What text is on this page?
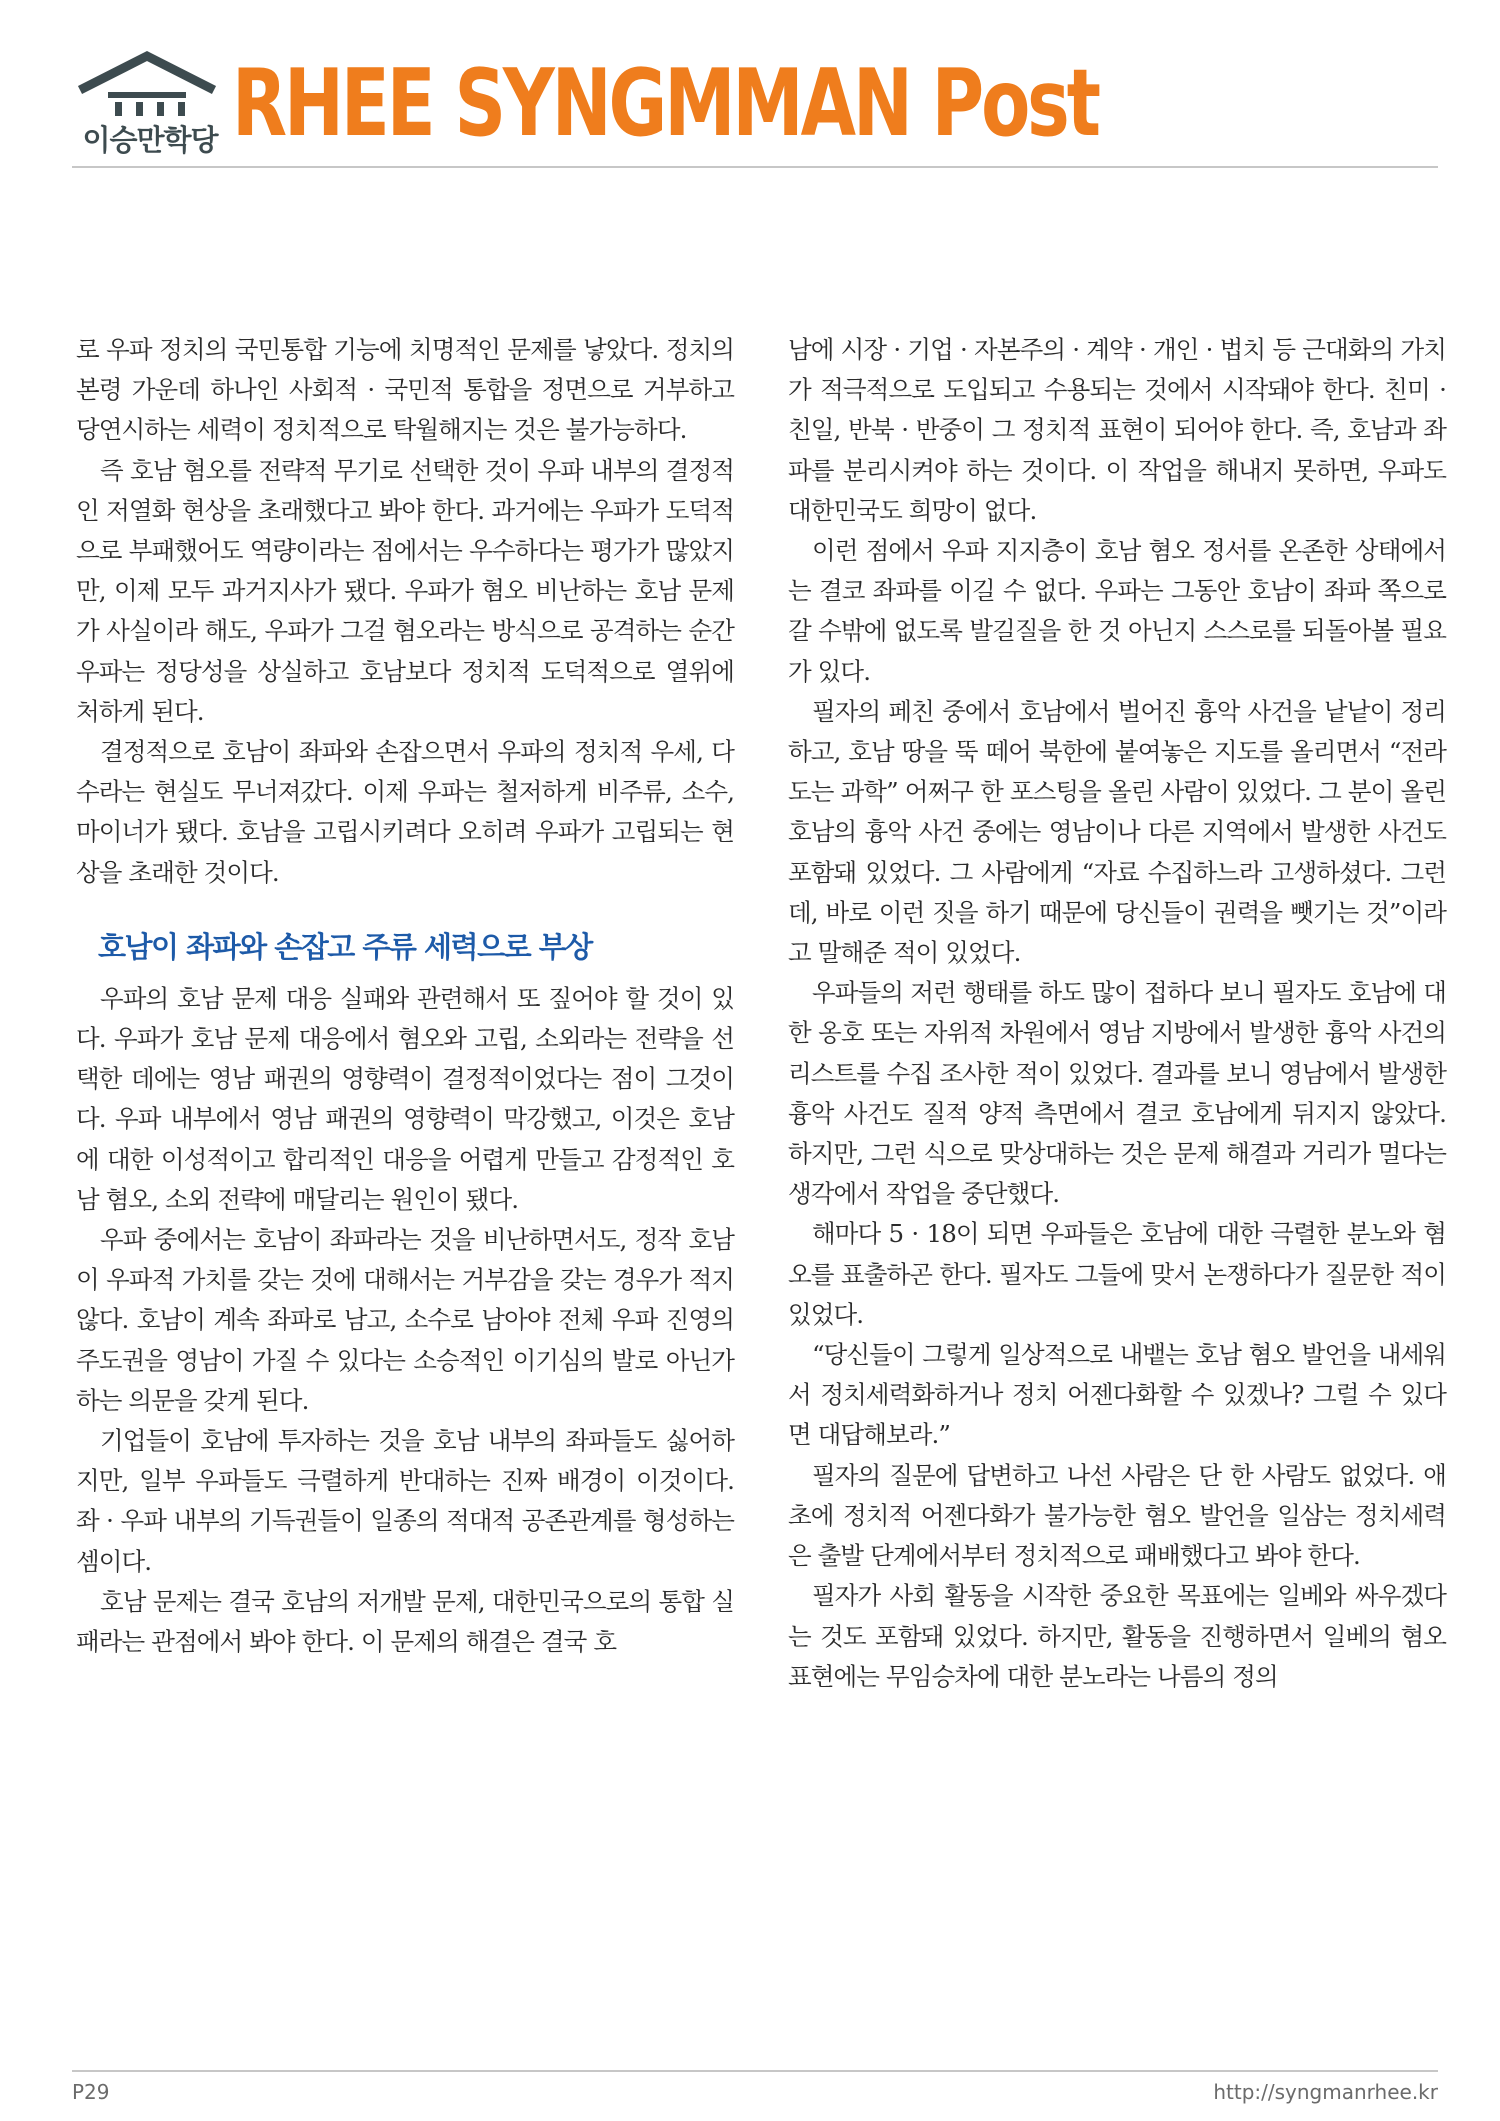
이승만학당 RHEE SYNGMMAN Post

로 우파 정치의 국민통합 기능에 치명적인 문제를 낳았다. 정치의 본령 가운데 하나인 사회적 · 국민적 통합을 정면으로 거부하고 당연시하는 세력이 정치적으로 탁월해지는 것은 불가능하다.

즉 호남 혐오를 전략적 무기로 선택한 것이 우파 내부의 결정적인 저열화 현상을 초래했다고 봐야 한다. 과거에는 우파가 도덕적으로 부패했어도 역량이라는 점에서는 우수하다는 평가가 많았지만, 이제 모두 과거지사가 됐다. 우파가 혐오 비난하는 호남 문제가 사실이라 해도, 우파가 그걸 혐오라는 방식으로 공격하는 순간 우파는 정당성을 상실하고 호남보다 정치적 도덕적으로 열위에 처하게 된다.

결정적으로 호남이 좌파와 손잡으면서 우파의 정치적 우세, 다수라는 현실도 무너져갔다. 이제 우파는 철저하게 비주류, 소수, 마이너가 됐다. 호남을 고립시키려다 오히려 우파가 고립되는 현상을 초래한 것이다.

호남이 좌파와 손잡고 주류 세력으로 부상

우파의 호남 문제 대응 실패와 관련해서 또 짚어야 할 것이 있다. 우파가 호남 문제 대응에서 혐오와 고립, 소외라는 전략을 선택한 데에는 영남 패권의 영향력이 결정적이었다는 점이 그것이다. 우파 내부에서 영남 패권의 영향력이 막강했고, 이것은 호남에 대한 이성적이고 합리적인 대응을 어렵게 만들고 감정적인 호남 혐오, 소외 전략에 매달리는 원인이 됐다.

우파 중에서는 호남이 좌파라는 것을 비난하면서도, 정작 호남이 우파적 가치를 갖는 것에 대해서는 거부감을 갖는 경우가 적지 않다. 호남이 계속 좌파로 남고, 소수로 남아야 전체 우파 진영의 주도권을 영남이 가질 수 있다는 소승적인 이기심의 발로 아닌가 하는 의문을 갖게 된다.

기업들이 호남에 투자하는 것을 호남 내부의 좌파들도 싫어하지만, 일부 우파들도 극렬하게 반대하는 진짜 배경이 이것이다. 좌 · 우파 내부의 기득권들이 일종의 적대적 공존관계를 형성하는 셈이다.

호남 문제는 결국 호남의 저개발 문제, 대한민국으로의 통합 실패라는 관점에서 봐야 한다. 이 문제의 해결은 결국 호

남에 시장 · 기업 · 자본주의 · 계약 · 개인 · 법치 등 근대화의 가치가 적극적으로 도입되고 수용되는 것에서 시작돼야 한다. 친미 · 친일, 반북 · 반중이 그 정치적 표현이 되어야 한다. 즉, 호남과 좌파를 분리시켜야 하는 것이다. 이 작업을 해내지 못하면, 우파도 대한민국도 희망이 없다.

이런 점에서 우파 지지층이 호남 혐오 정서를 온존한 상태에서는 결코 좌파를 이길 수 없다. 우파는 그동안 호남이 좌파 쪽으로 갈 수밖에 없도록 발길질을 한 것 아닌지 스스로를 되돌아볼 필요가 있다.

필자의 페친 중에서 호남에서 벌어진 흉악 사건을 낱낱이 정리하고, 호남 땅을 뚝 떼어 북한에 붙여놓은 지도를 올리면서 “전라도는 과학” 어쩌구 한 포스팅을 올린 사람이 있었다. 그 분이 올린 호남의 흉악 사건 중에는 영남이나 다른 지역에서 발생한 사건도 포함돼 있었다. 그 사람에게 “자료 수집하느라 고생하셨다. 그런데, 바로 이런 짓을 하기 때문에 당신들이 권력을 뺏기는 것”이라고 말해준 적이 있었다.

우파들의 저런 행태를 하도 많이 접하다 보니 필자도 호남에 대한 옹호 또는 자위적 차원에서 영남 지방에서 발생한 흉악 사건의 리스트를 수집 조사한 적이 있었다. 결과를 보니 영남에서 발생한 흉악 사건도 질적 양적 측면에서 결코 호남에게 뒤지지 않았다. 하지만, 그런 식으로 맞상대하는 것은 문제 해결과 거리가 멀다는 생각에서 작업을 중단했다.

해마다 5 · 18이 되면 우파들은 호남에 대한 극렬한 분노와 혐오를 표출하곤 한다. 필자도 그들에 맞서 논쟁하다가 질문한 적이 있었다.

“당신들이 그렇게 일상적으로 내뱉는 호남 혐오 발언을 내세워서 정치세력화하거나 정치 어젠다화할 수 있겠나? 그럴 수 있다면 대답해보라.”

필자의 질문에 답변하고 나선 사람은 단 한 사람도 없었다. 애초에 정치적 어젠다화가 불가능한 혐오 발언을 일삼는 정치세력은 출발 단계에서부터 정치적으로 패배했다고 봐야 한다.

필자가 사회 활동을 시작한 중요한 목표에는 일베와 싸우겠다는 것도 포함돼 있었다. 하지만, 활동을 진행하면서 일베의 혐오 표현에는 무임승차에 대한 분노라는 나름의 정의

P29	http://syngmanrhee.kr
